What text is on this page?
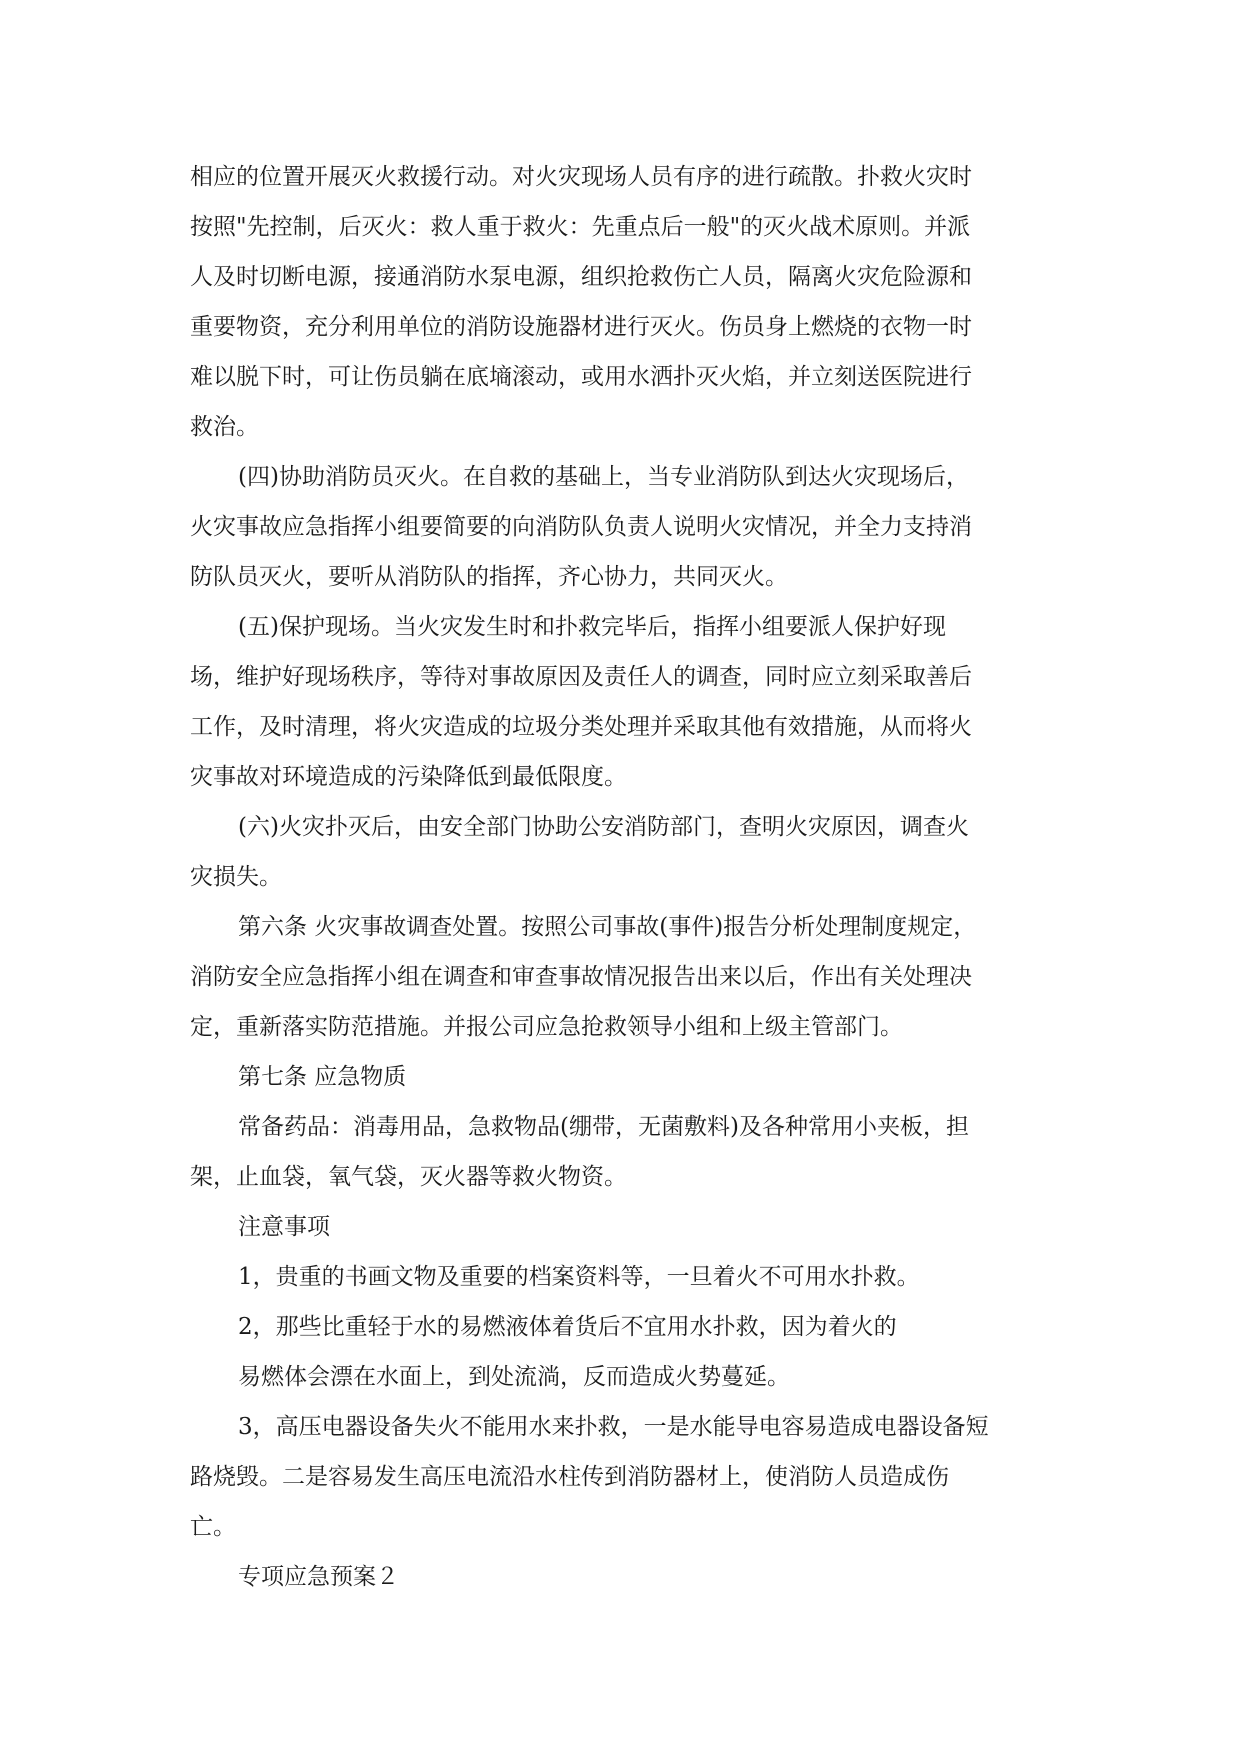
相应的位置开展灭火救援行动。对火灾现场人员有序的进行疏散。扑救火灾时
按照"先控制，后灭火：救人重于救火：先重点后一般"的灭火战术原则。并派
人及时切断电源，接通消防水泵电源，组织抢救伤亡人员，隔离火灾危险源和
重要物资，充分利用单位的消防设施器材进行灭火。伤员身上燃烧的衣物一时
难以脱下时，可让伤员躺在底墒滚动，或用水洒扑灭火焰，并立刻送医院进行
救治。
(四)协助消防员灭火。在自救的基础上，当专业消防队到达火灾现场后，
火灾事故应急指挥小组要简要的向消防队负责人说明火灾情况，并全力支持消
防队员灭火，要听从消防队的指挥，齐心协力，共同灭火。
(五)保护现场。当火灾发生时和扑救完毕后，指挥小组要派人保护好现
场，维护好现场秩序，等待对事故原因及责任人的调查，同时应立刻采取善后
工作，及时清理，将火灾造成的垃圾分类处理并采取其他有效措施，从而将火
灾事故对环境造成的污染降低到最低限度。
(六)火灾扑灭后，由安全部门协助公安消防部门，查明火灾原因，调查火
灾损失。
第六条 火灾事故调查处置。按照公司事故(事件)报告分析处理制度规定，
消防安全应急指挥小组在调查和审查事故情况报告出来以后，作出有关处理决
定，重新落实防范措施。并报公司应急抢救领导小组和上级主管部门。
第七条 应急物质
常备药品：消毒用品，急救物品(绷带，无菌敷料)及各种常用小夹板，担
架，止血袋，氧气袋，灭火器等救火物资。
注意事项
1，贵重的书画文物及重要的档案资料等，一旦着火不可用水扑救。
2，那些比重轻于水的易燃液体着货后不宜用水扑救，因为着火的
易燃体会漂在水面上，到处流淌，反而造成火势蔓延。
3，高压电器设备失火不能用水来扑救，一是水能导电容易造成电器设备短
路烧毁。二是容易发生高压电流沿水柱传到消防器材上，使消防人员造成伤
亡。
专项应急预案２
